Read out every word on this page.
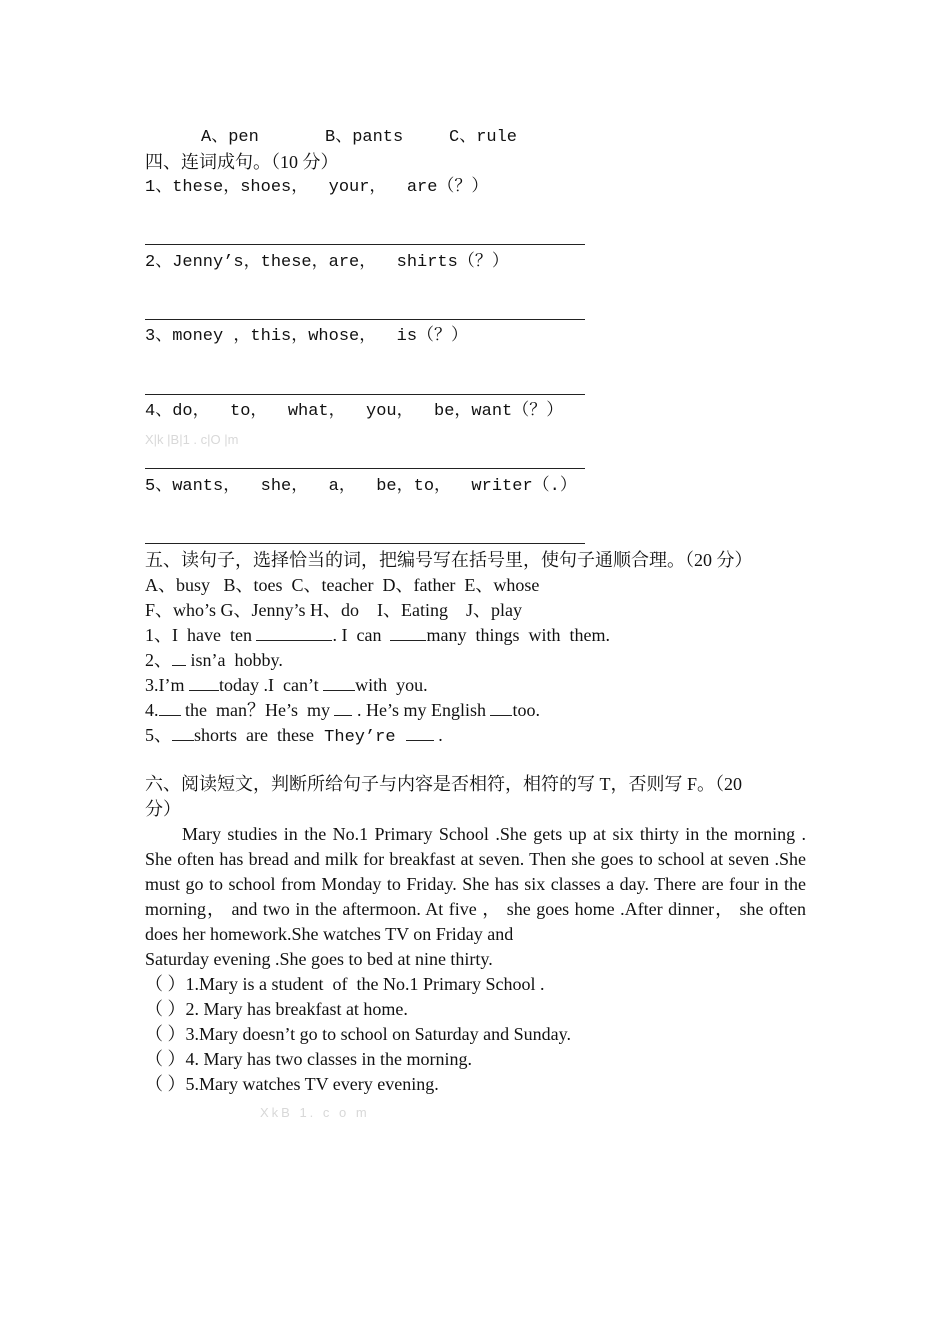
A、pen	B、pants	C、rule
四、连词成句。（10 分）
1、these，shoes，  your，  are（？）
2、Jenny’s，these，are，  shirts（？）
3、money ，this，whose，  is（？）
4、do，  to，  what，  you，  be，want（？）
X|k |B|1 . c|O |m
5、wants，  she，  a，  be，to，  writer（.）
五、读句子，选择恰当的词，把编号写在括号里，使句子通顺合理。（20 分）
A、busy   B、toes  C、teacher  D、father  E、whose
F、who’s G、Jenny’s H、do    I、Eating    J、play
1、I  have  ten	. I  can  many  things  with  them.
2、 isn’a  hobby.
3.I’m today .I  can’t with  you.
4. the  man？He’s  my  . He’s my English too.
5、 shorts  are  these They’re  .
六、阅读短文，判断所给句子与内容是否相符，相符的写 T，否则写 F。（20
分）
Mary studies in the No.1 Primary School .She gets up at six thirty in the morning . She often has bread and milk for breakfast at seven. Then she goes to school at seven .She must go to school from Monday to Friday. She has six classes a day. There are four in the morning， and two in the aftermoon. At five ， she goes home .After dinner， she often does her homework.She watches TV on Friday and
Saturday evening .She goes to bed at nine thirty.
（ ）1.Mary is a student  of  the No.1 Primary School .
（ ）2. Mary has breakfast at home.
（ ）3.Mary doesn’t go to school on Saturday and Sunday.
（ ）4. Mary has two classes in the morning.
（ ）5.Mary watches TV every evening.
XkB 1. c o m
